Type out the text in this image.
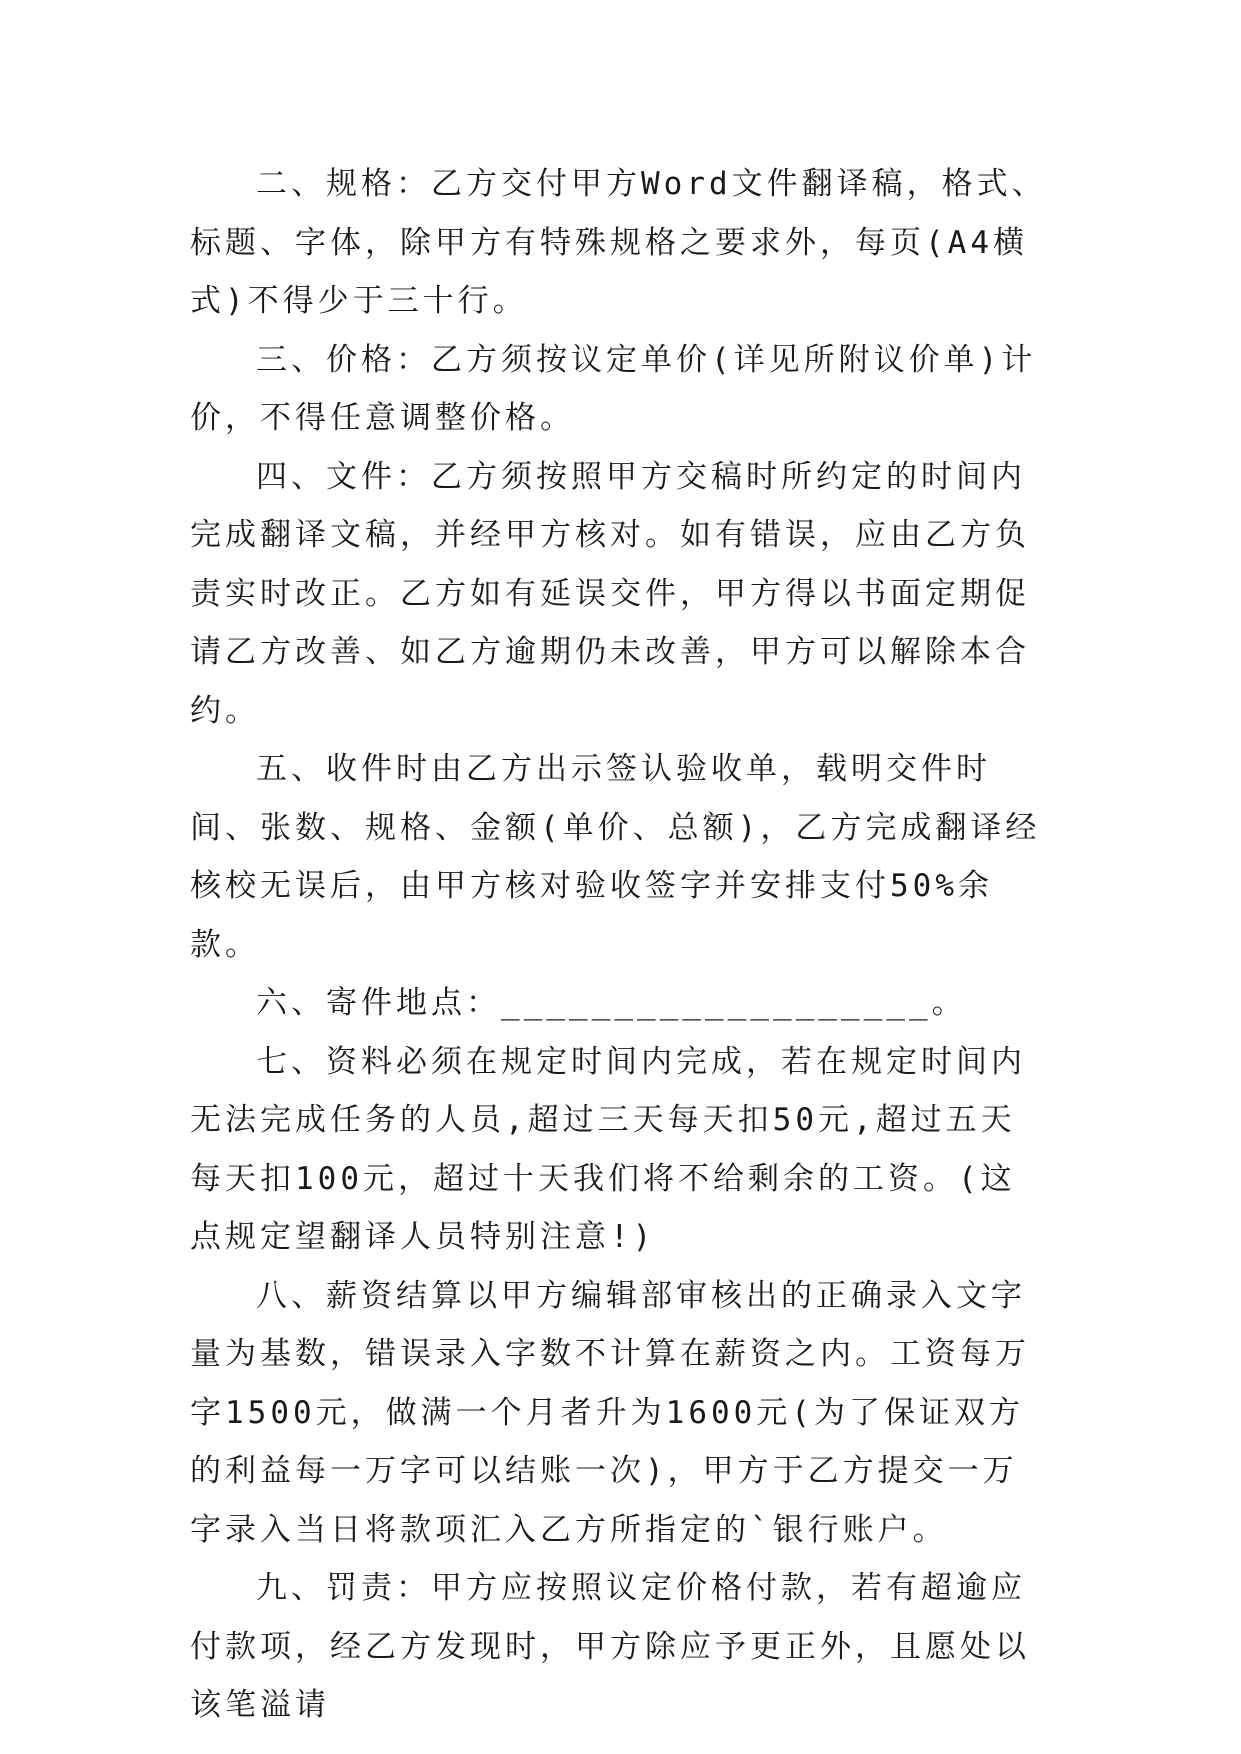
二、规格：乙方交付甲方Word文件翻译稿，格式、标题、字体，除甲方有特殊规格之要求外，每页(A4横式)不得少于三十行。

三、价格：乙方须按议定单价(详见所附议价单)计价，不得任意调整价格。

四、文件：乙方须按照甲方交稿时所约定的时间内完成翻译文稿，并经甲方核对。如有错误，应由乙方负责实时改正。乙方如有延误交件，甲方得以书面定期促请乙方改善、如乙方逾期仍未改善，甲方可以解除本合约。

五、收件时由乙方出示签认验收单，载明交件时间、张数、规格、金额(单价、总额)，乙方完成翻译经核校无误后，由甲方核对验收签字并安排支付50%余款。

六、寄件地点：___________________。

七、资料必须在规定时间内完成，若在规定时间内无法完成任务的人员,超过三天每天扣50元,超过五天每天扣100元，超过十天我们将不给剩余的工资。(这点规定望翻译人员特别注意!)

八、薪资结算以甲方编辑部审核出的正确录入文字量为基数，错误录入字数不计算在薪资之内。工资每万字1500元，做满一个月者升为1600元(为了保证双方的利益每一万字可以结账一次)，甲方于乙方提交一万字录入当日将款项汇入乙方所指定的`银行账户。

九、罚责：甲方应按照议定价格付款，若有超逾应付款项，经乙方发现时，甲方除应予更正外，且愿处以该笔溢请
